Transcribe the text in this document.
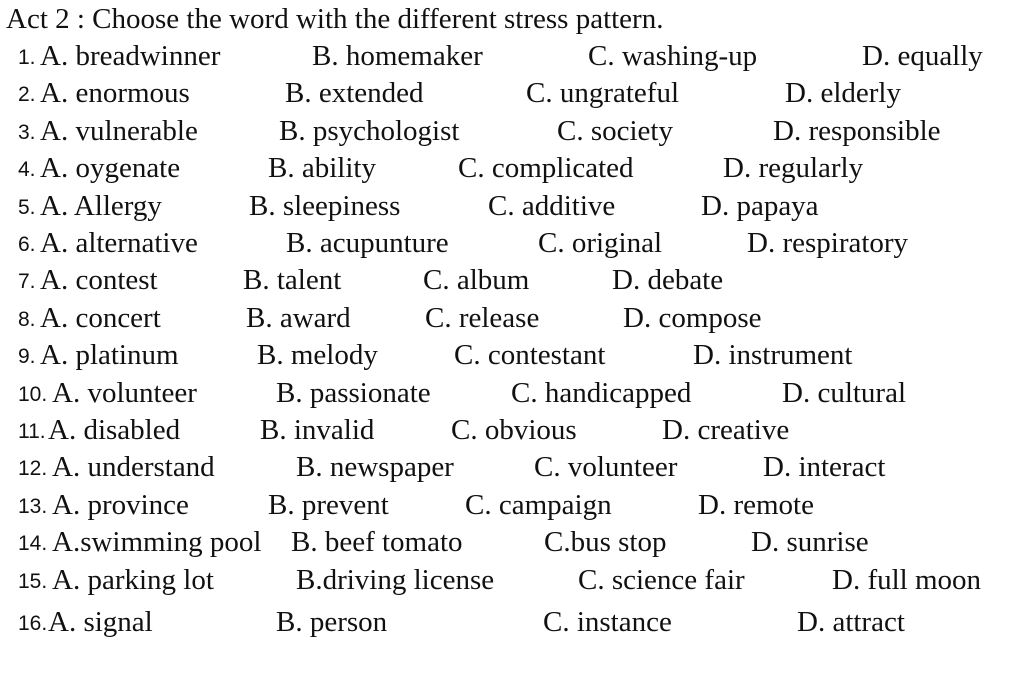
Act 2 : Choose the word with the different stress pattern.
1. A. breadwinner	B. homemaker	C. washing-up	D. equally
2. A. enormous	B. extended	C. ungrateful	D. elderly
3. A. vulnerable	B. psychologist	C. society	D. responsible
4. A. oygenate	B. ability	C. complicated	D. regularly
5. A. Allergy	B. sleepiness	C. additive	D. papaya
6. A. alternative	B. acupunture	C. original	D. respiratory
7. A. contest	B. talent	C. album	D. debate
8. A. concert	B. award	C. release	D. compose
9. A. platinum	B. melody	C. contestant	D. instrument
10. A. volunteer	B. passionate	C. handicapped	D. cultural
11. A. disabled	B. invalid	C. obvious	D. creative
12. A. understand	B. newspaper	C. volunteer	D. interact
13. A. province	B. prevent	C. campaign	D. remote
14. A.swimming pool B. beef tomato	C.bus stop	D. sunrise
15. A. parking lot	B.driving license	C. science fair	D. full moon
16. A. signal	B. person	C. instance	D. attract
